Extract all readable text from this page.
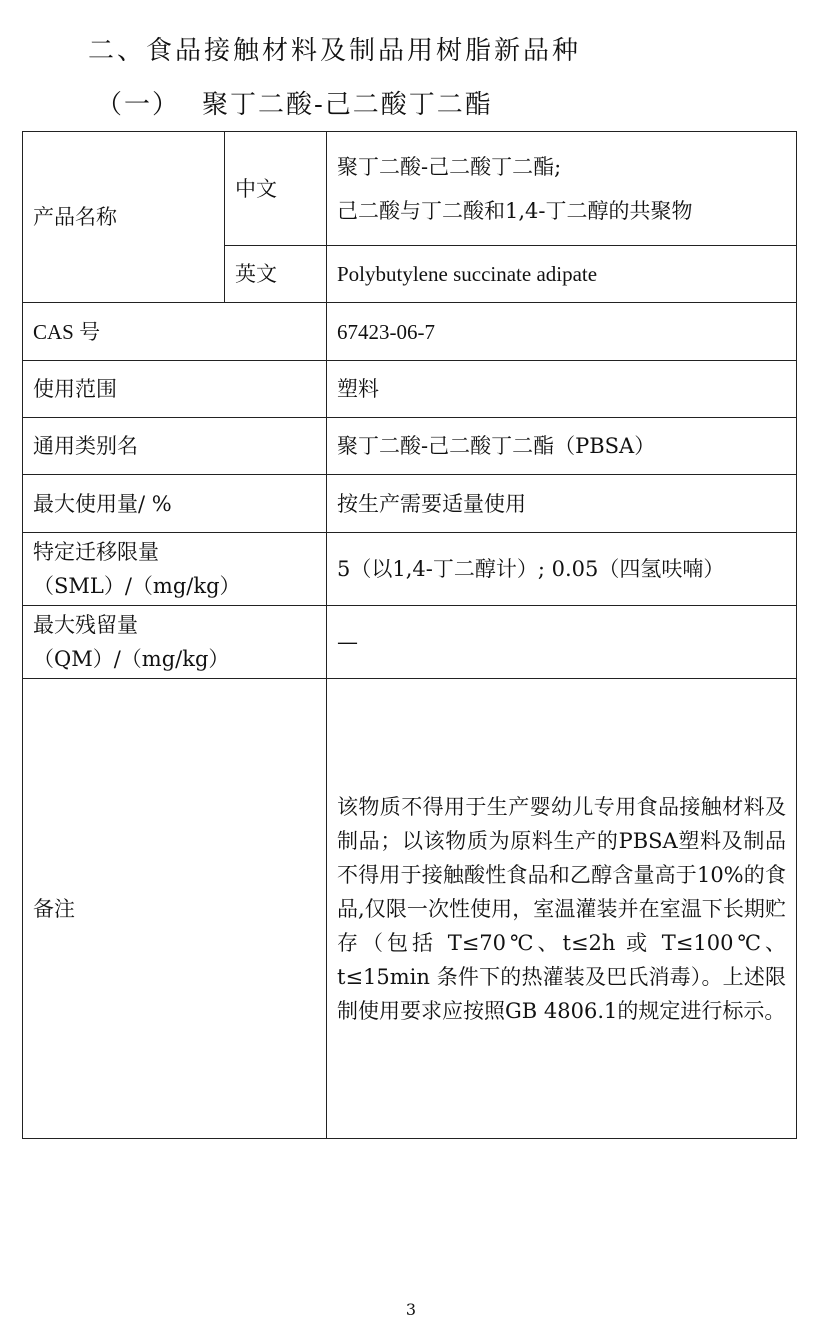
二、食品接触材料及制品用树脂新品种
（一） 聚丁二酸-己二酸丁二酯
产品名称	中文	聚丁二酸-己二酸丁二酯;
己二酸与丁二酸和1,4-丁二醇的共聚物

	英文	Polybutylene succinate adipate
CAS 号		67423-06-7
使用范围		塑料
通用类别名		聚丁二酸-己二酸丁二酯（PBSA）
最大使用量/ %		按生产需要适量使用

特定迁移限量
（SML）/（mg/kg）		5（以1,4-丁二醇计）; 0.05（四氢呋喃）

最大残留量
（QM）/（mg/kg）		—
备注		该物质不得用于生产婴幼儿专用食品接触材料及制品；以该物质为原料生产的PBSA塑料及制品不得用于接触酸性食品和乙醇含量高于10%的食品,仅限一次性使用，室温灌装并在室温下长期贮存（包括 T≤70℃、t≤2h 或 T≤100℃、t≤15min 条件下的热灌装及巴氏消毒）。上述限制使用要求应按照GB 4806.1的规定进行标示。
3
